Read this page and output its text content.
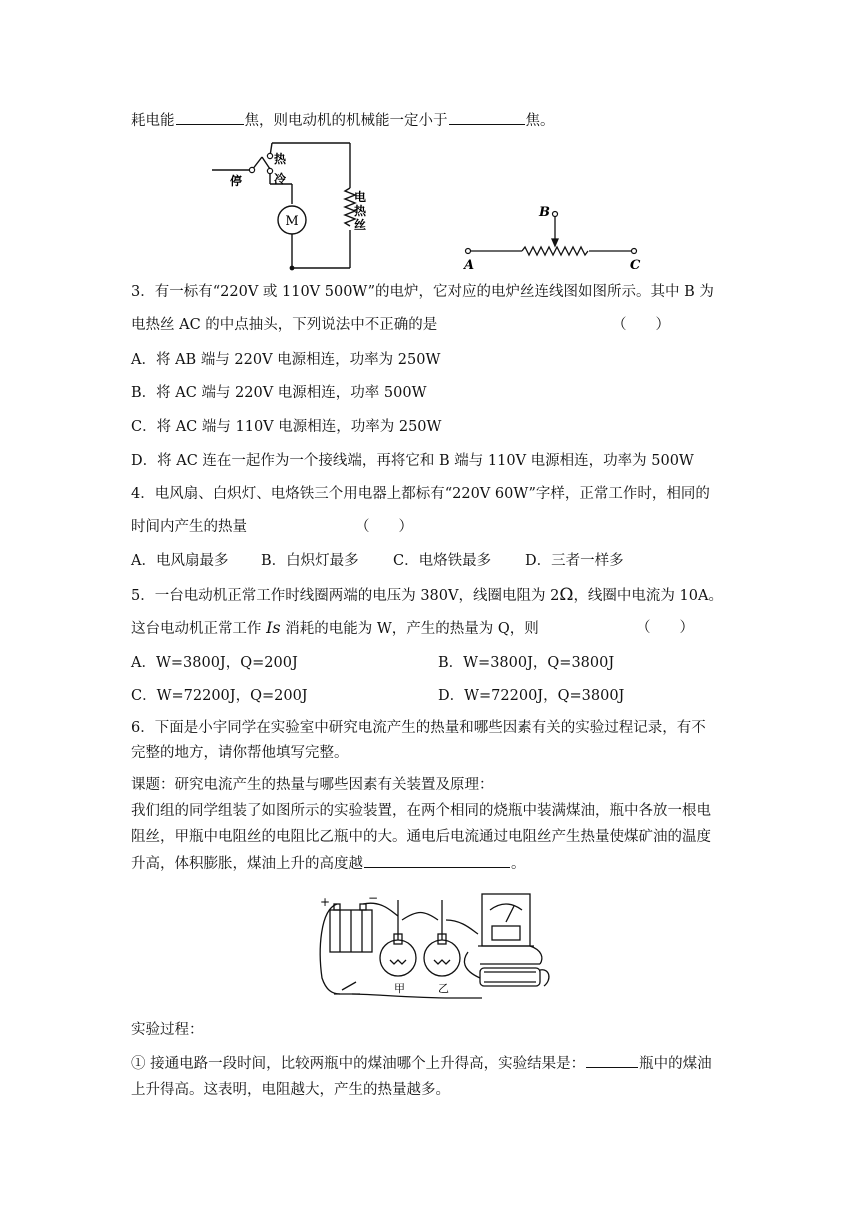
耗电能	焦，则电动机的机械能一定小于	焦。
热
停	冷
M
电
热
丝
A
B
C
3．有一标有“220V 或 110V 500W”的电炉，它对应的电炉丝连线图如图所示。其中 B 为
电热丝 AC 的中点抽头，下列说法中不正确的是	（　　）
A．将 AB 端与 220V 电源相连，功率为 250W
B．将 AC 端与 220V 电源相连，功率 500W
C．将 AC 端与 110V 电源相连，功率为 250W
D．将 AC 连在一起作为一个接线端，再将它和 B 端与 110V 电源相连，功率为 500W
4．电风扇、白炽灯、电烙铁三个用电器上都标有“220V 60W”字样，正常工作时，相同的
时间内产生的热量	（　　）
A．电风扇最多 B．白炽灯最多 C．电烙铁最多 D．三者一样多
5．一台电动机正常工作时线圈两端的电压为 380V，线圈电阻为 2Ω，线圈中电流为 10A。
这台电动机正常工作 Is 消耗的电能为 W，产生的热量为 Q，则	（　　）
A．W=3800J，Q=200J	B．W=3800J，Q=3800J
C．W=72200J，Q=200J	D．W=72200J，Q=3800J
6．下面是小宇同学在实验室中研究电流产生的热量和哪些因素有关的实验过程记录，有不
完整的地方，请你帮他填写完整。
课题：研究电流产生的热量与哪些因素有关装置及原理：
我们组的同学组装了如图所示的实验装置，在两个相同的烧瓶中装满煤油，瓶中各放一根电
阻丝，甲瓶中电阻丝的电阻比乙瓶中的大。通电后电流通过电阻丝产生热量使煤矿油的温度
升高，体积膨胀，煤油上升的高度越	。
+	−
甲	乙
实验过程：
① 接通电路一段时间，比较两瓶中的煤油哪个上升得高，实验结果是：	瓶中的煤油
上升得高。这表明，电阻越大，产生的热量越多。
